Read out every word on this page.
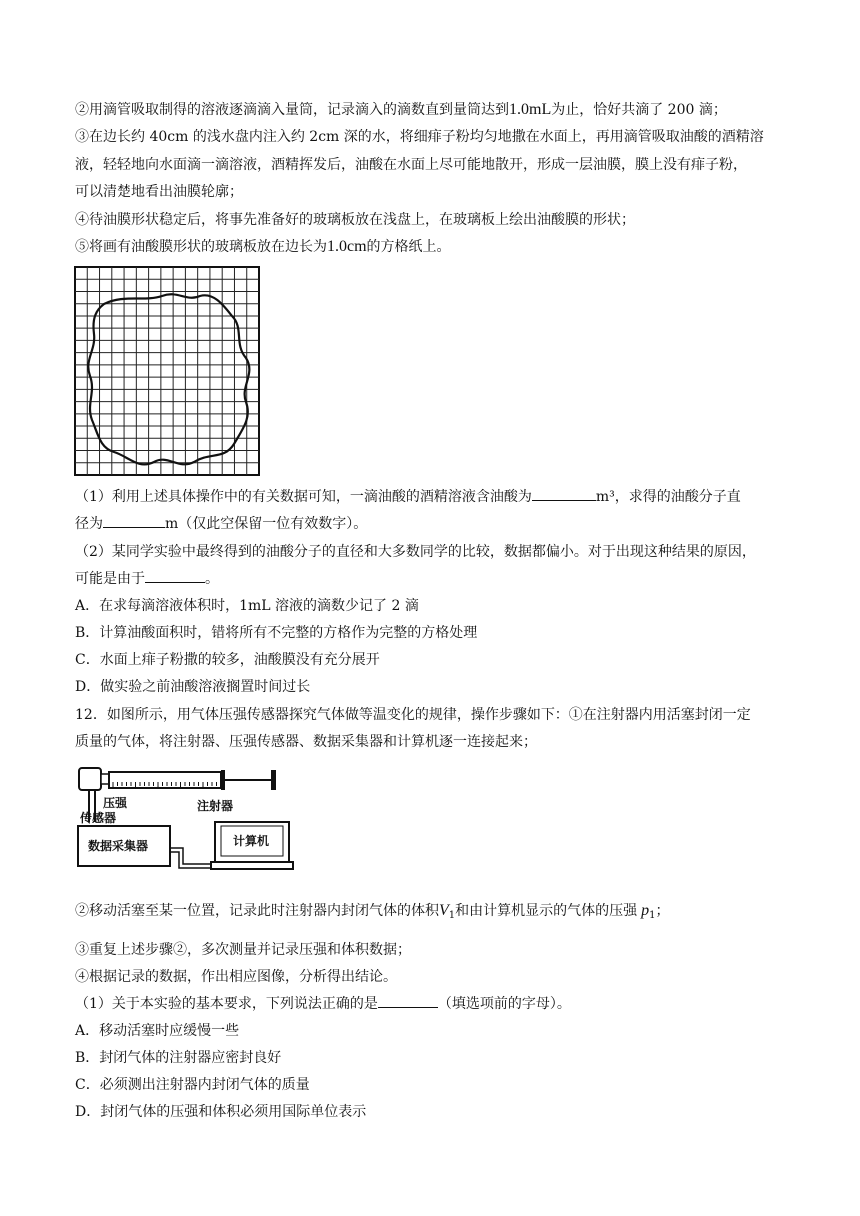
②用滴管吸取制得的溶液逐滴滴入量筒，记录滴入的滴数直到量筒达到1.0mL为止，恰好共滴了 200 滴；
③在边长约 40cm 的浅水盘内注入约 2cm 深的水，将细痱子粉均匀地撒在水面上，再用滴管吸取油酸的酒精溶
液，轻轻地向水面滴一滴溶液，酒精挥发后，油酸在水面上尽可能地散开，形成一层油膜，膜上没有痱子粉，
可以清楚地看出油膜轮廓；
④待油膜形状稳定后，将事先准备好的玻璃板放在浅盘上，在玻璃板上绘出油酸膜的形状；
⑤将画有油酸膜形状的玻璃板放在边长为1.0cm的方格纸上。
（1）利用上述具体操作中的有关数据可知，一滴油酸的酒精溶液含油酸为	m³，求得的油酸分子直
径为	m（仅此空保留一位有效数字）。
（2）某同学实验中最终得到的油酸分子的直径和大多数同学的比较，数据都偏小。对于出现这种结果的原因，
可能是由于	。
A．在求每滴溶液体积时，1mL 溶液的滴数少记了 2 滴
B．计算油酸面积时，错将所有不完整的方格作为完整的方格处理
C．水面上痱子粉撒的较多，油酸膜没有充分展开
D．做实验之前油酸溶液搁置时间过长
12．如图所示，用气体压强传感器探究气体做等温变化的规律，操作步骤如下：①在注射器内用活塞封闭一定
质量的气体，将注射器、压强传感器、数据采集器和计算机逐一连接起来；
压强
传感器
注射器
数据采集器	计算机
②移动活塞至某一位置，记录此时注射器内封闭气体的体积$V_1$和由计算机显示的气体的压强 $p_1$；
③重复上述步骤②，多次测量并记录压强和体积数据；
④根据记录的数据，作出相应图像，分析得出结论。
（1）关于本实验的基本要求，下列说法正确的是	（填选项前的字母）。
A．移动活塞时应缓慢一些
B．封闭气体的注射器应密封良好
C．必须测出注射器内封闭气体的质量
D．封闭气体的压强和体积必须用国际单位表示
